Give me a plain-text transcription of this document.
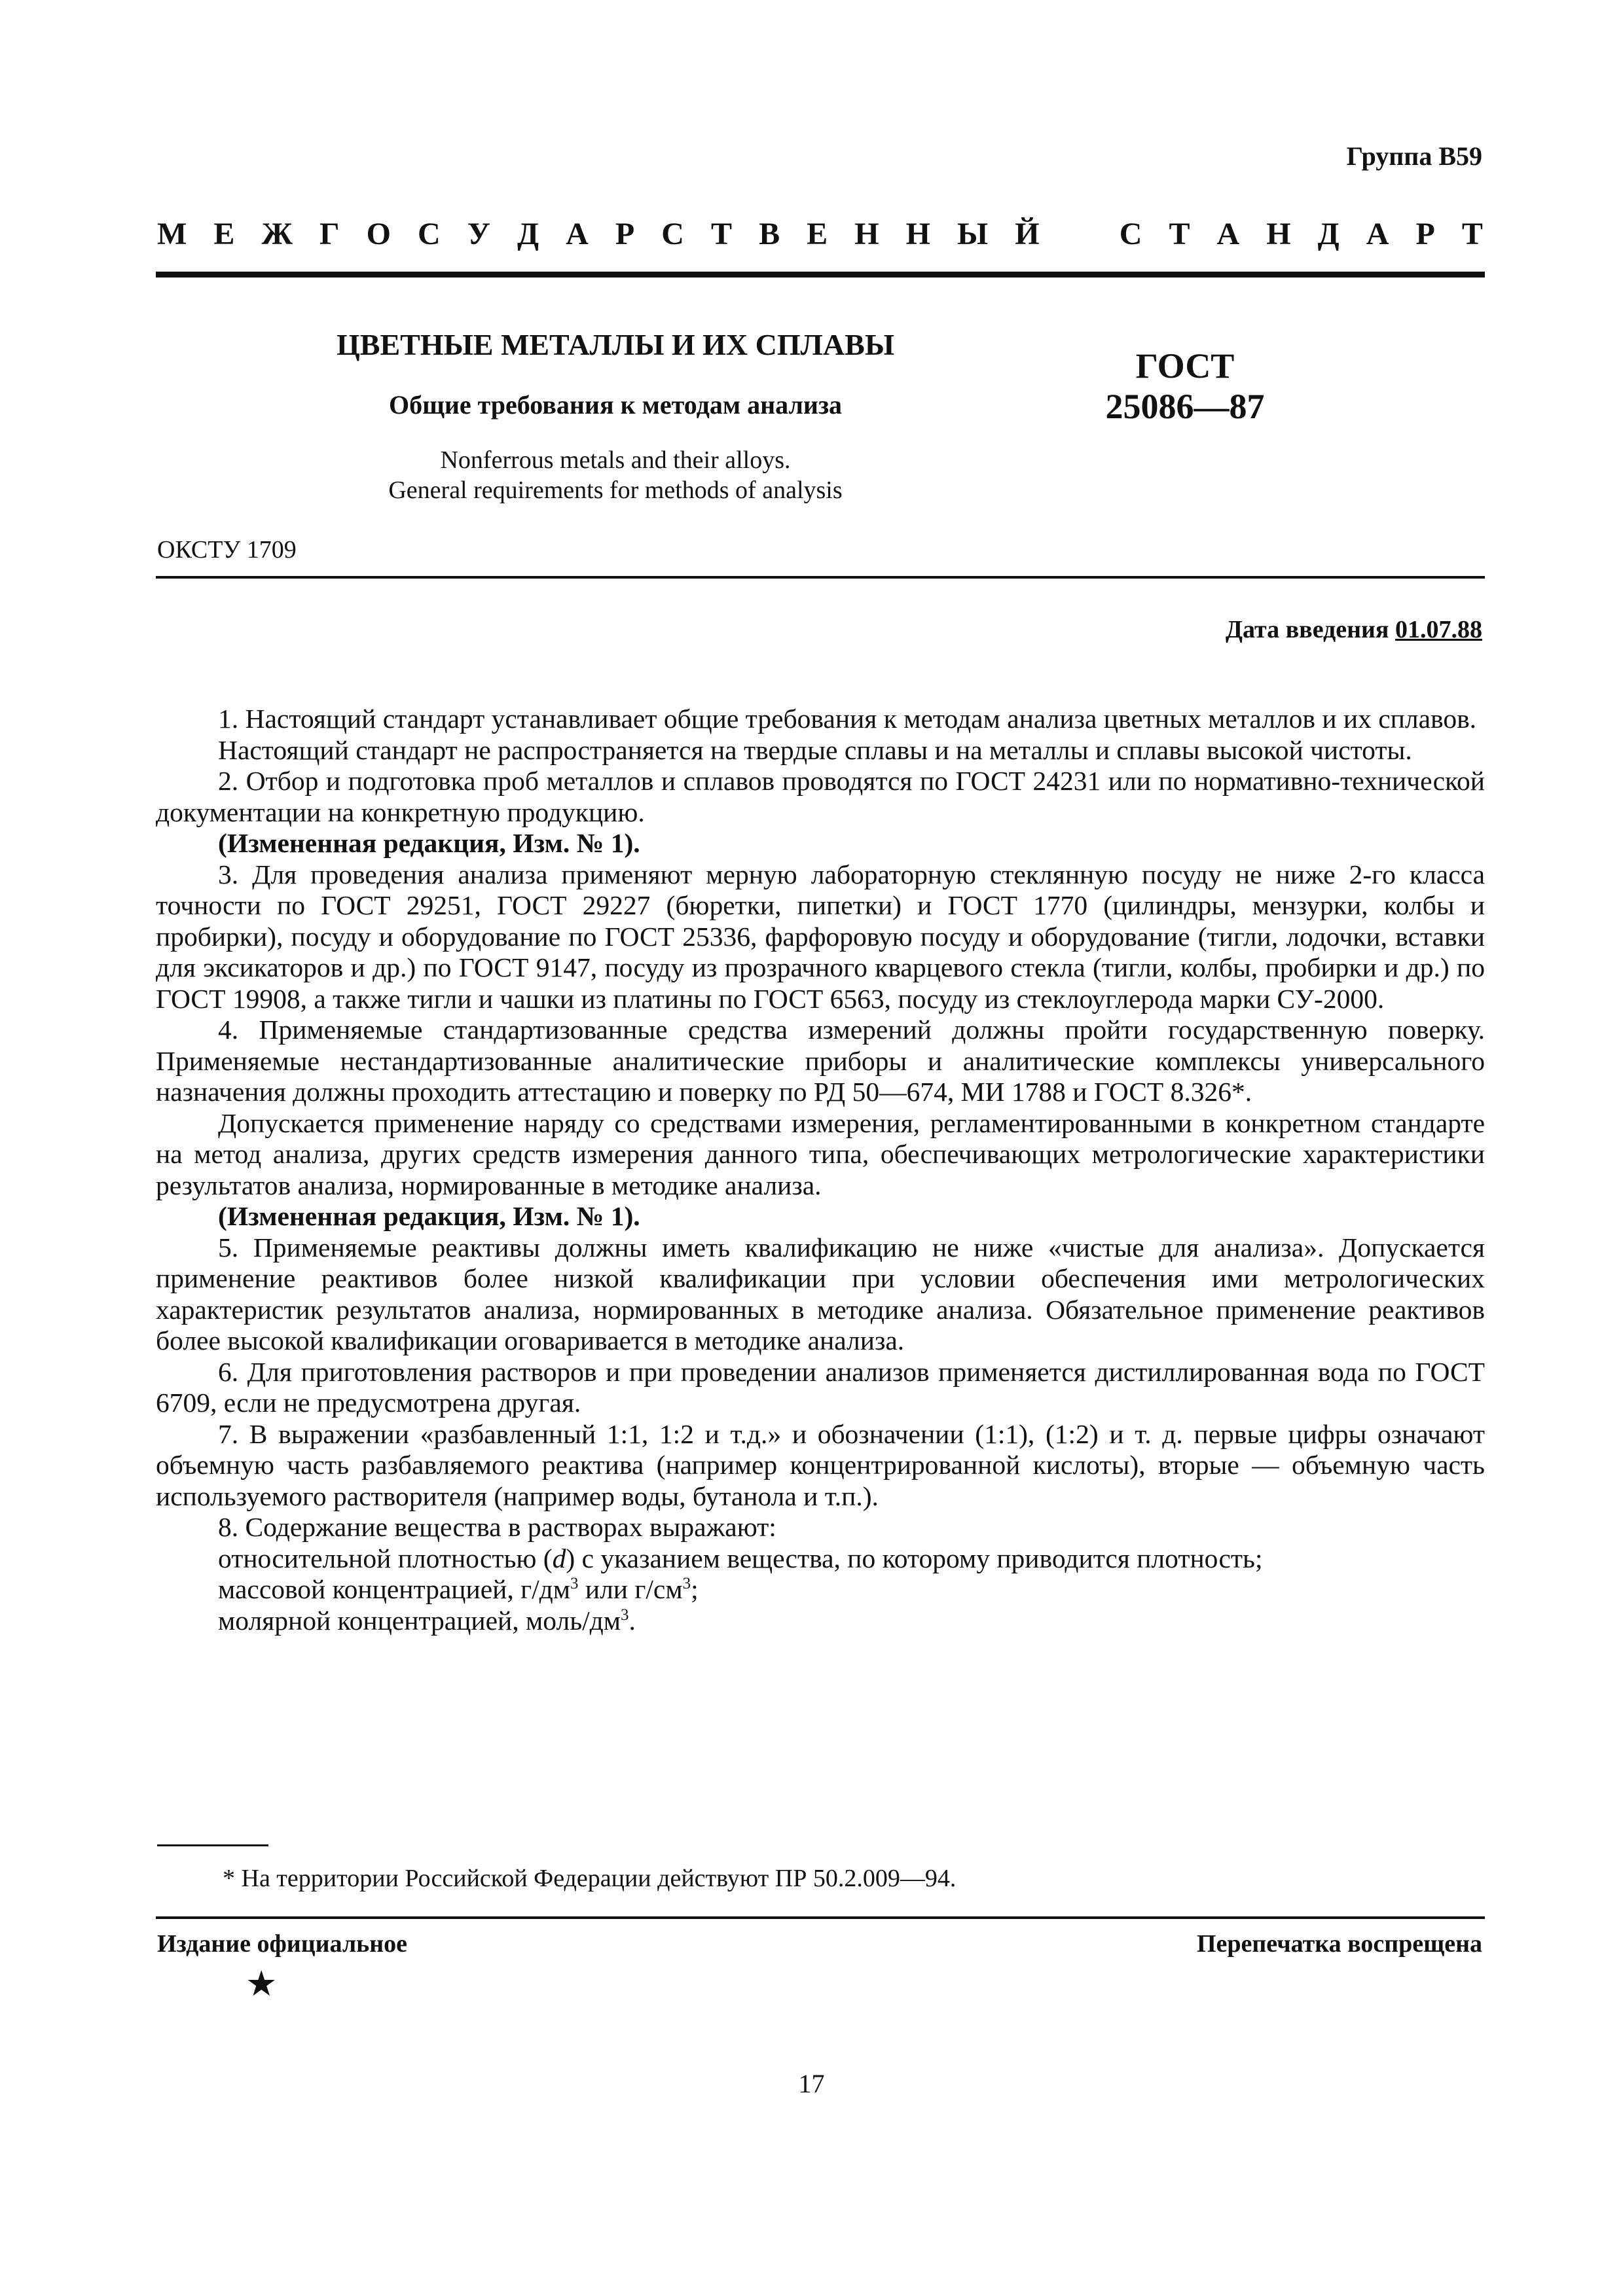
Группа В59
М Е Ж Г О С У Д А Р С Т В Е Н Н Ы Й	С Т А Н Д А Р Т
ЦВЕТНЫЕ МЕТАЛЛЫ И ИХ СПЛАВЫ
Общие требования к методам анализа
Nonferrous metals and their alloys.
General requirements for methods of analysis
ГОСТ
25086—87
ОКСТУ 1709
Дата введения 01.07.88

1. Настоящий стандарт устанавливает общие требования к методам анализа цветных металлов и их сплавов.

Настоящий стандарт не распространяется на твердые сплавы и на металлы и сплавы высокой чистоты.

2. Отбор и подготовка проб металлов и сплавов проводятся по ГОСТ 24231 или по нормативно-технической документации на конкретную продукцию.

(Измененная редакция, Изм. № 1).

3. Для проведения анализа применяют мерную лабораторную стеклянную посуду не ниже 2-го класса точности по ГОСТ 29251, ГОСТ 29227 (бюретки, пипетки) и ГОСТ 1770 (цилиндры, мензурки, колбы и пробирки), посуду и оборудование по ГОСТ 25336, фарфоровую посуду и оборудование (тигли, лодочки, вставки для эксикаторов и др.) по ГОСТ 9147, посуду из прозрачного кварцевого стекла (тигли, колбы, пробирки и др.) по ГОСТ 19908, а также тигли и чашки из платины по ГОСТ 6563, посуду из стеклоуглерода марки СУ-2000.

4. Применяемые стандартизованные средства измерений должны пройти государственную поверку. Применяемые нестандартизованные аналитические приборы и аналитические комплексы универсального назначения должны проходить аттестацию и поверку по РД 50—674, МИ 1788 и ГОСТ 8.326*.

Допускается применение наряду со средствами измерения, регламентированными в конкретном стандарте на метод анализа, других средств измерения данного типа, обеспечивающих метрологические характеристики результатов анализа, нормированные в методике анализа.

(Измененная редакция, Изм. № 1).

5. Применяемые реактивы должны иметь квалификацию не ниже «чистые для анализа». Допускается применение реактивов более низкой квалификации при условии обеспечения ими метрологических характеристик результатов анализа, нормированных в методике анализа. Обязательное применение реактивов более высокой квалификации оговаривается в методике анализа.

6. Для приготовления растворов и при проведении анализов применяется дистиллированная вода по ГОСТ 6709, если не предусмотрена другая.

7. В выражении «разбавленный 1:1, 1:2 и т.д.» и обозначении (1:1), (1:2) и т. д. первые цифры означают объемную часть разбавляемого реактива (например концентрированной кислоты), вторые — объемную часть используемого растворителя (например воды, бутанола и т.п.).

8. Содержание вещества в растворах выражают:

относительной плотностью (d) с указанием вещества, по которому приводится плотность;

массовой концентрацией, $г/дм^3$ или $г/см^3$;

молярной концентрацией, моль/$дм^3$.

* На территории Российской Федерации действуют ПР 50.2.009—94.
Издание официальное	Перепечатка воспрещена
★
17
